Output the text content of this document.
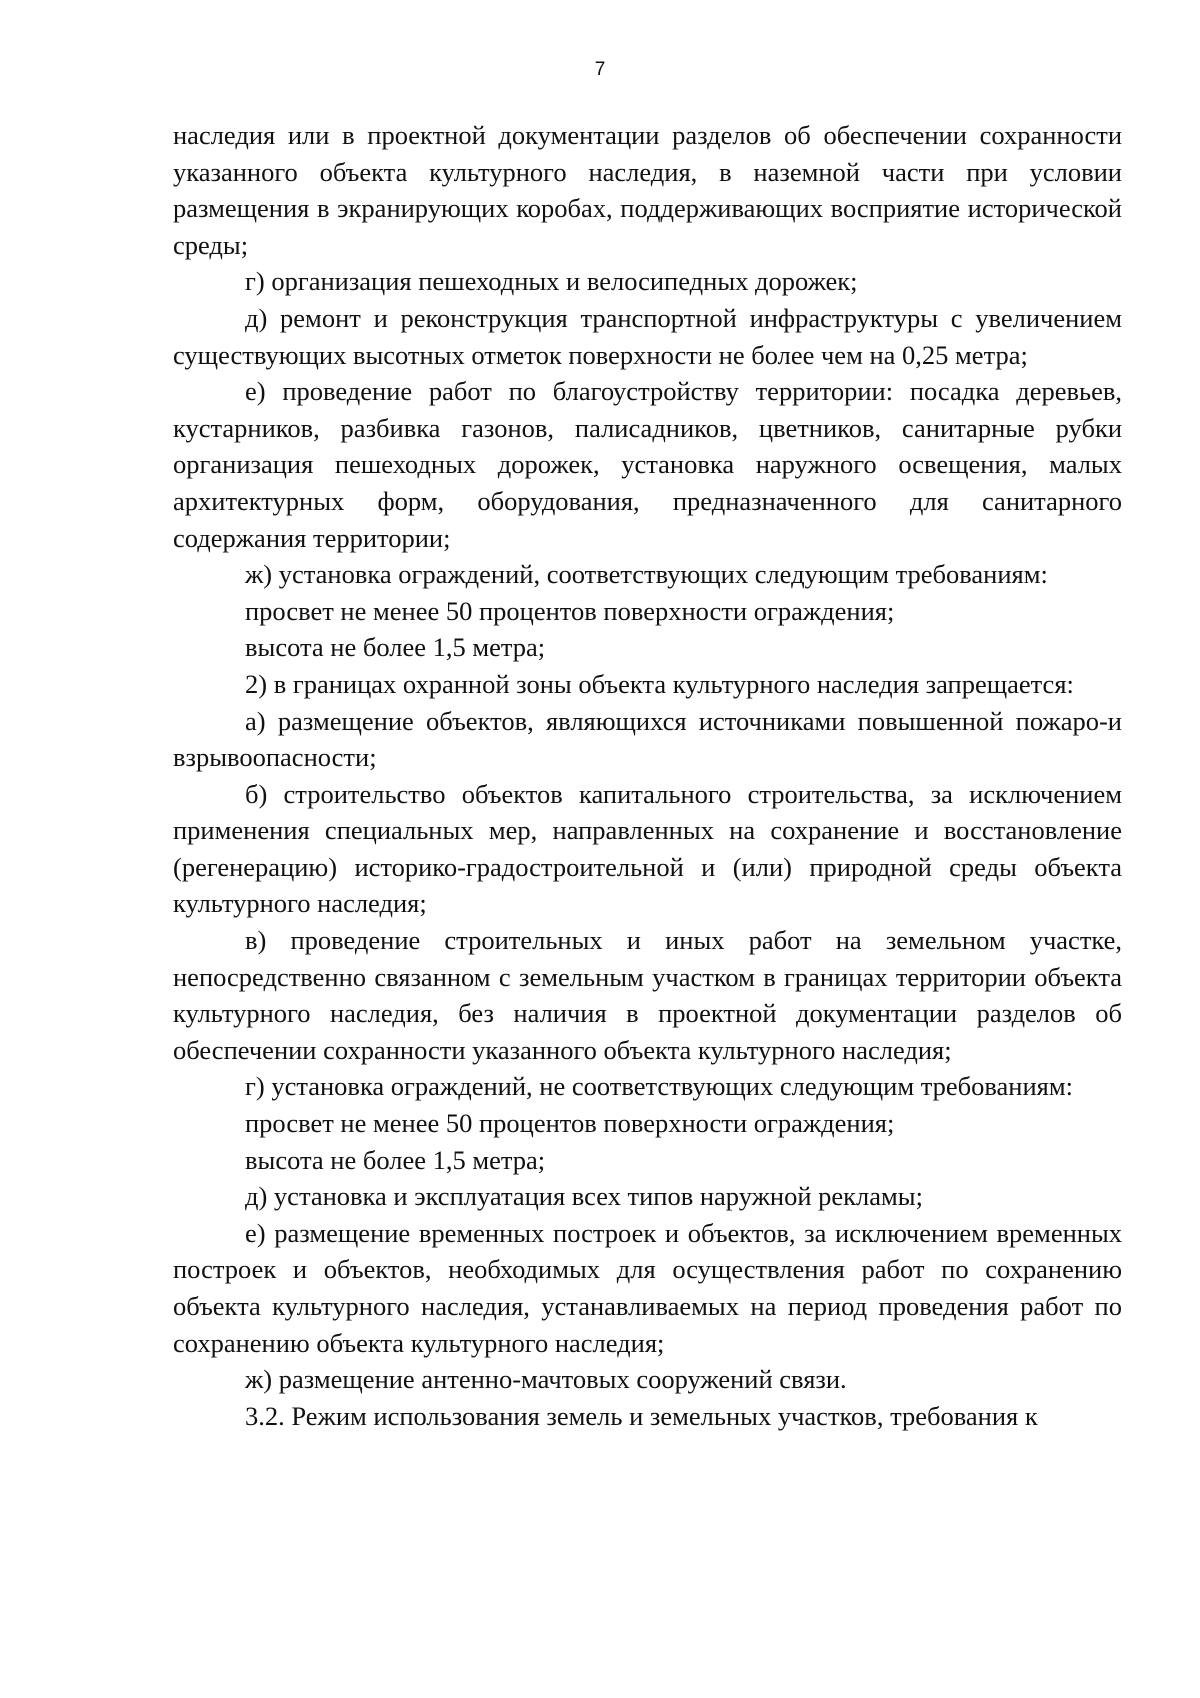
7

наследия или в проектной документации разделов об обеспечении сохранности указанного объекта культурного наследия, в наземной части при условии размещения в экранирующих коробах, поддерживающих восприятие исторической среды;

г) организация пешеходных и велосипедных дорожек;

д) ремонт и реконструкция транспортной инфраструктуры с увеличением существующих высотных отметок поверхности не более чем на 0,25 метра;

е) проведение работ по благоустройству территории: посадка деревьев, кустарников, разбивка газонов, палисадников, цветников, санитарные рубки организация пешеходных дорожек, установка наружного освещения, малых архитектурных форм, оборудования, предназначенного для санитарного содержания территории;

ж) установка ограждений, соответствующих следующим требованиям:

просвет не менее 50 процентов поверхности ограждения;

высота не более 1,5 метра;

2) в границах охранной зоны объекта культурного наследия запрещается:

а) размещение объектов, являющихся источниками повышенной пожаро-и взрывоопасности;

б) строительство объектов капитального строительства, за исключением применения специальных мер, направленных на сохранение и восстановление (регенерацию) историко-градостроительной и (или) природной среды объекта культурного наследия;

в) проведение строительных и иных работ на земельном участке, непосредственно связанном с земельным участком в границах территории объекта культурного наследия, без наличия в проектной документации разделов об обеспечении сохранности указанного объекта культурного наследия;

г) установка ограждений, не соответствующих следующим требованиям:

просвет не менее 50 процентов поверхности ограждения;

высота не более 1,5 метра;

д) установка и эксплуатация всех типов наружной рекламы;

е) размещение временных построек и объектов, за исключением временных построек и объектов, необходимых для осуществления работ по сохранению объекта культурного наследия, устанавливаемых на период проведения работ по сохранению объекта культурного наследия;

ж) размещение антенно-мачтовых сооружений связи.

3.2. Режим использования земель и земельных участков, требования к
